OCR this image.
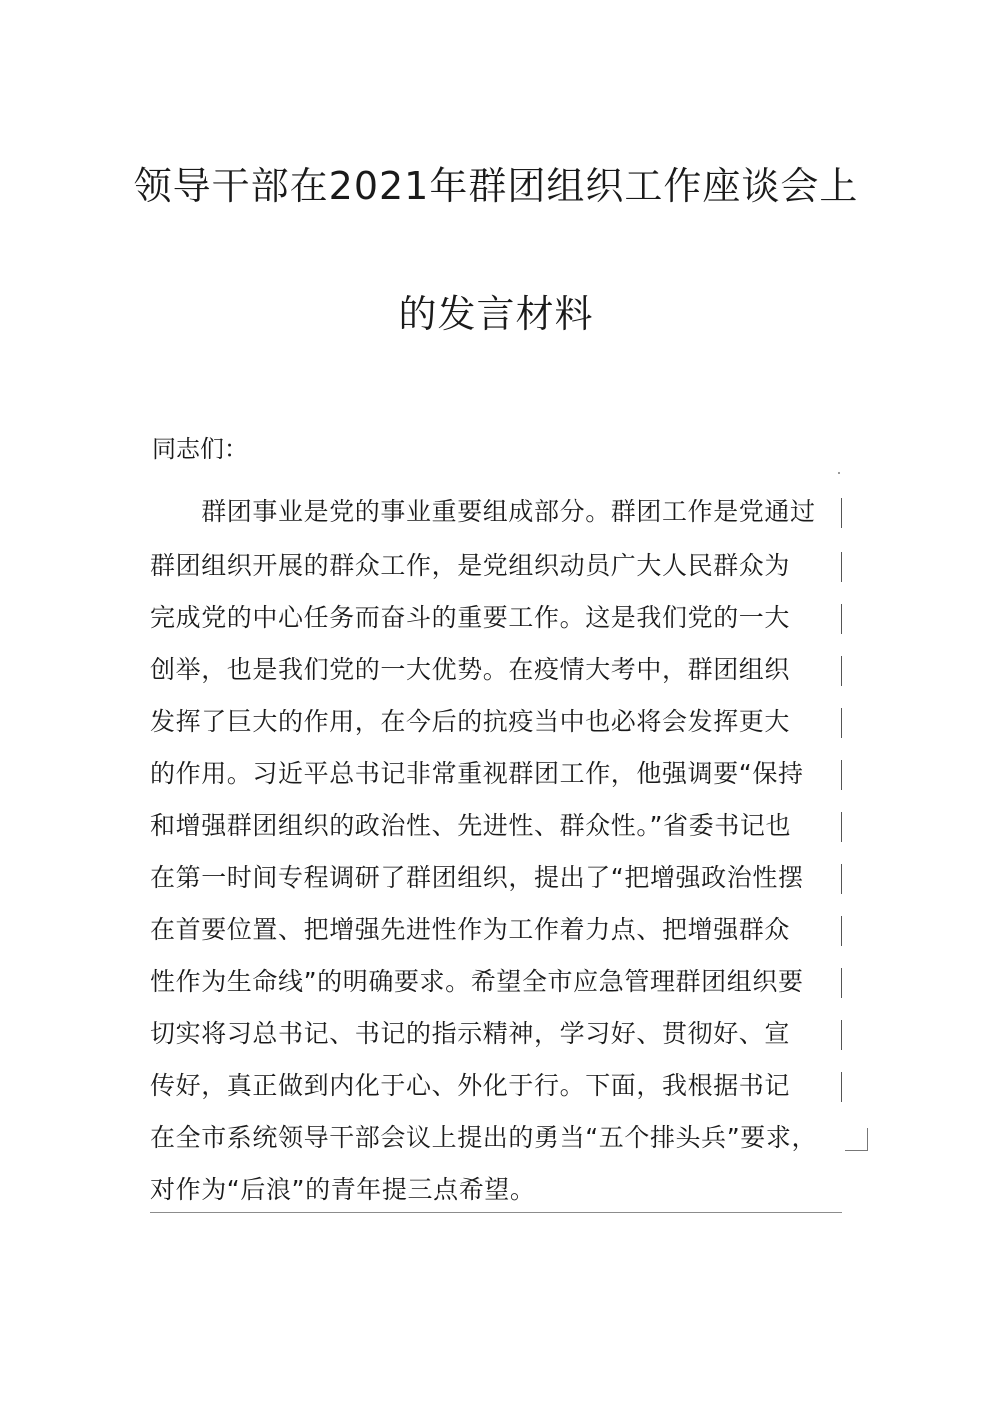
领导干部在2021年群团组织工作座谈会上
的发言材料
同志们：
　　群团事业是党的事业重要组成部分。群团工作是党通过
群团组织开展的群众工作，是党组织动员广大人民群众为
完成党的中心任务而奋斗的重要工作。这是我们党的一大
创举，也是我们党的一大优势。在疫情大考中，群团组织
发挥了巨大的作用，在今后的抗疫当中也必将会发挥更大
的作用。习近平总书记非常重视群团工作，他强调要“保持
和增强群团组织的政治性、先进性、群众性。”省委书记也
在第一时间专程调研了群团组织，提出了“把增强政治性摆
在首要位置、把增强先进性作为工作着力点、把增强群众
性作为生命线”的明确要求。希望全市应急管理群团组织要
切实将习总书记、书记的指示精神，学习好、贯彻好、宣
传好，真正做到内化于心、外化于行。下面，我根据书记
在全市系统领导干部会议上提出的勇当“五个排头兵”要求，
对作为“后浪”的青年提三点希望。
